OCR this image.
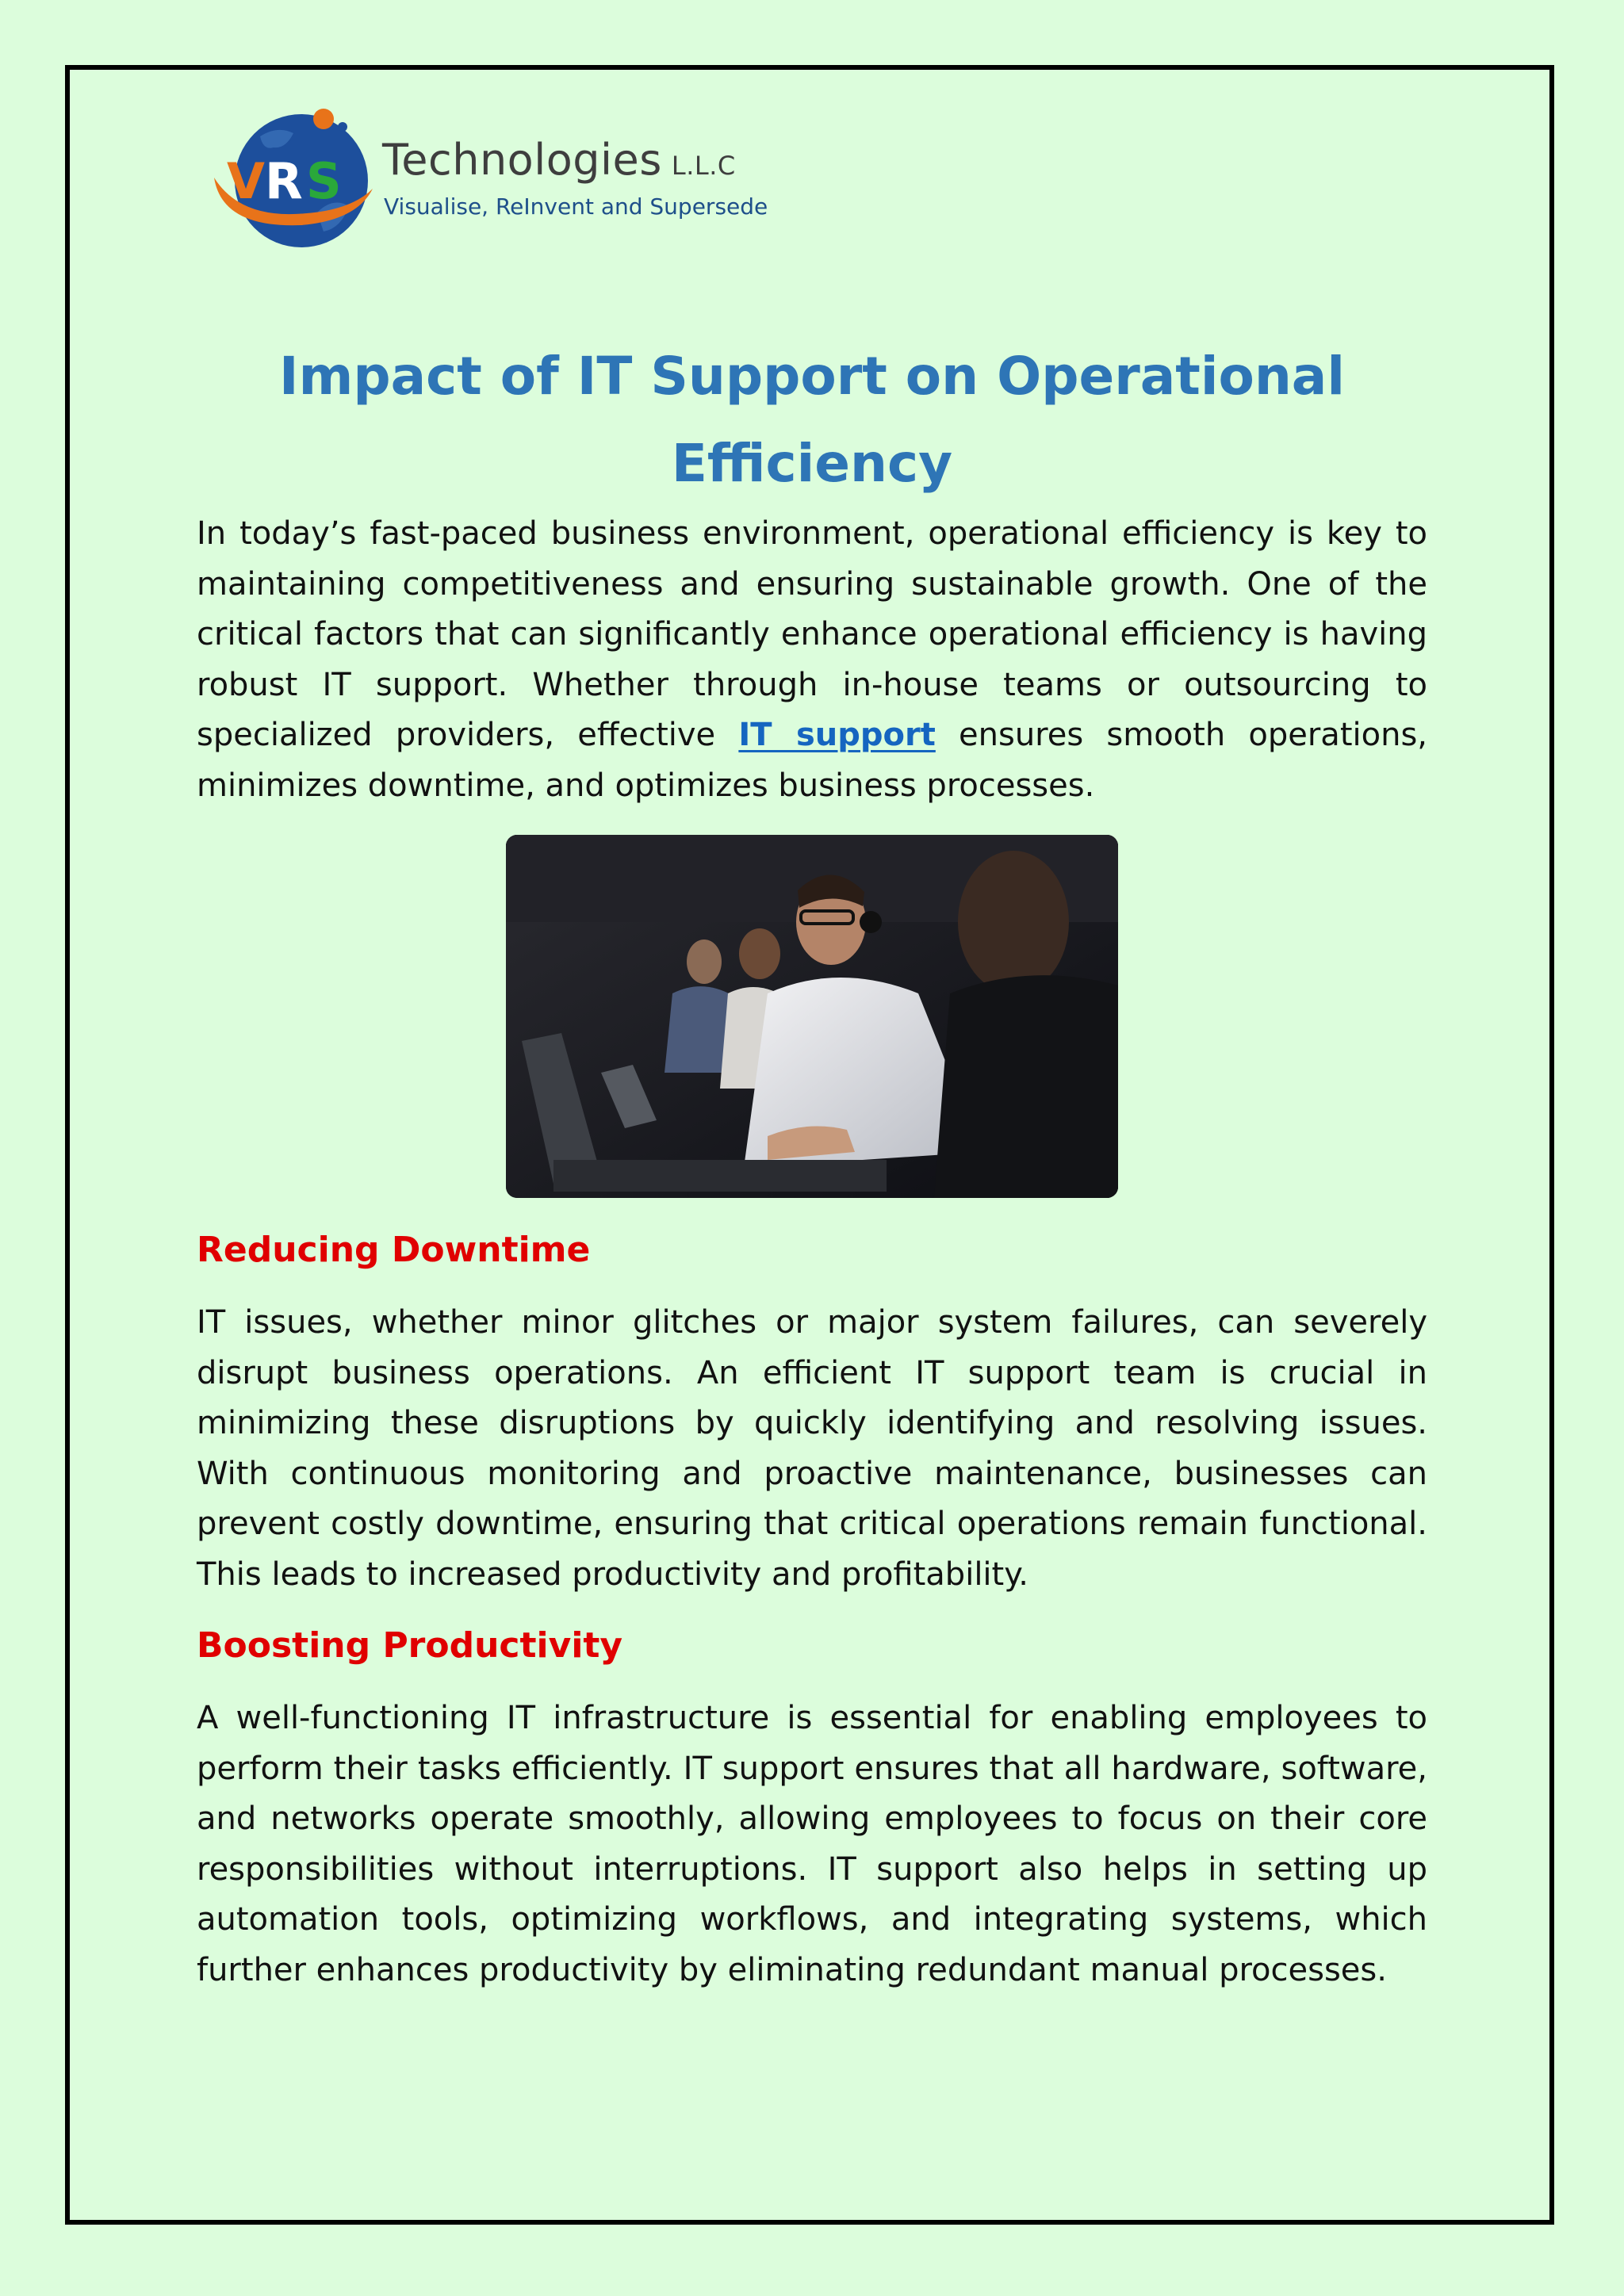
V R S Technologies L.L.C
Visualise, ReInvent and Supersede
Impact of IT Support on Operational Efficiency

In today’s fast-paced business environment, operational efficiency is key to maintaining competitiveness and ensuring sustainable growth. One of the critical factors that can significantly enhance operational efficiency is having robust IT support. Whether through in-house teams or outsourcing to specialized providers, effective IT support ensures smooth operations, minimizes downtime, and optimizes business processes.

Reducing Downtime

IT issues, whether minor glitches or major system failures, can severely disrupt business operations. An efficient IT support team is crucial in minimizing these disruptions by quickly identifying and resolving issues. With continuous monitoring and proactive maintenance, businesses can prevent costly downtime, ensuring that critical operations remain functional. This leads to increased productivity and profitability.

Boosting Productivity

A well-functioning IT infrastructure is essential for enabling employees to perform their tasks efficiently. IT support ensures that all hardware, software, and networks operate smoothly, allowing employees to focus on their core responsibilities without interruptions. IT support also helps in setting up automation tools, optimizing workflows, and integrating systems, which further enhances productivity by eliminating redundant manual processes.
